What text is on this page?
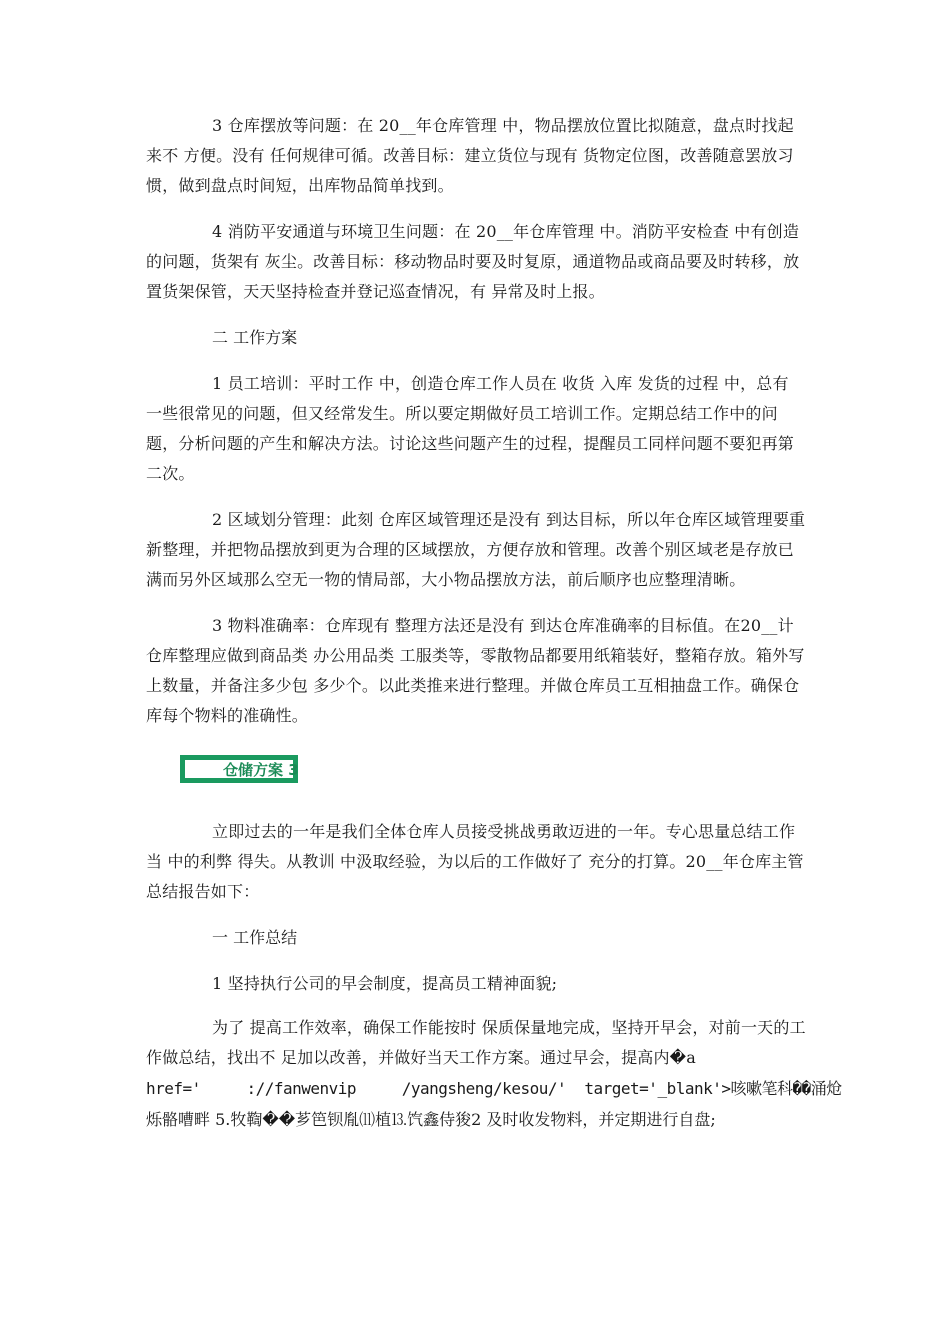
3 仓库摆放等问题：在 20__年仓库管理 中，物品摆放位置比拟随意，盘点时找起来不 方便。没有 任何规律可循。改善目标：建立货位与现有 货物定位图，改善随意罢放习惯，做到盘点时间短，出库物品简单找到。

4 消防平安通道与环境卫生问题：在 20__年仓库管理 中。消防平安检查 中有创造的问题，货架有 灰尘。改善目标：移动物品时要及时复原，通道物品或商品要及时转移，放置货架保管，天天坚持检查并登记巡查情况，有 异常及时上报。

二 工作方案

1 员工培训：平时工作 中，创造仓库工作人员在 收货 入库 发货的过程 中，总有 一些很常见的问题，但又经常发生。所以要定期做好员工培训工作。定期总结工作中的问题，分析问题的产生和解决方法。讨论这些问题产生的过程，提醒员工同样问题不要犯再第二次。

2 区域划分管理：此刻 仓库区域管理还是没有 到达目标，所以年仓库区域管理要重新整理，并把物品摆放到更为合理的区域摆放，方便存放和管理。改善个别区域老是存放已满而另外区域那么空无一物的情局部，大小物品摆放方法，前后顺序也应整理清晰。

3 物料准确率：仓库现有 整理方法还是没有 到达仓库准确率的目标值。在20__计仓库整理应做到商品类 办公用品类 工服类等，零散物品都要用纸箱装好，整箱存放。箱外写上数量，并备注多少包 多少个。以此类推来进行整理。并做仓库员工互相抽盘工作。确保仓库每个物料的准确性。

仓储方案 3

立即过去的一年是我们全体仓库人员接受挑战勇敢迈进的一年。专心思量总结工作当 中的利弊 得失。从教训 中汲取经验，为以后的工作做好了 充分的打算。20__年仓库主管总结报告如下：

一 工作总结

1 坚持执行公司的早会制度，提高员工精神面貌;

为了 提高工作效率，确保工作能按时 保质保量地完成，坚持开早会，对前一天的工作做总结，找出不 足加以改善，并做好当天工作方案。通过早会，提高内�a

href='     ://fanwenvip     /yangsheng/kesou/'  target='_blank'>咳嗽笔科��涌炝

烁骼嘈畔 5.牧鞫��芗笆钡胤⑾植⒔饩鑫侍狻2 及时收发物料，并定期进行自盘;
